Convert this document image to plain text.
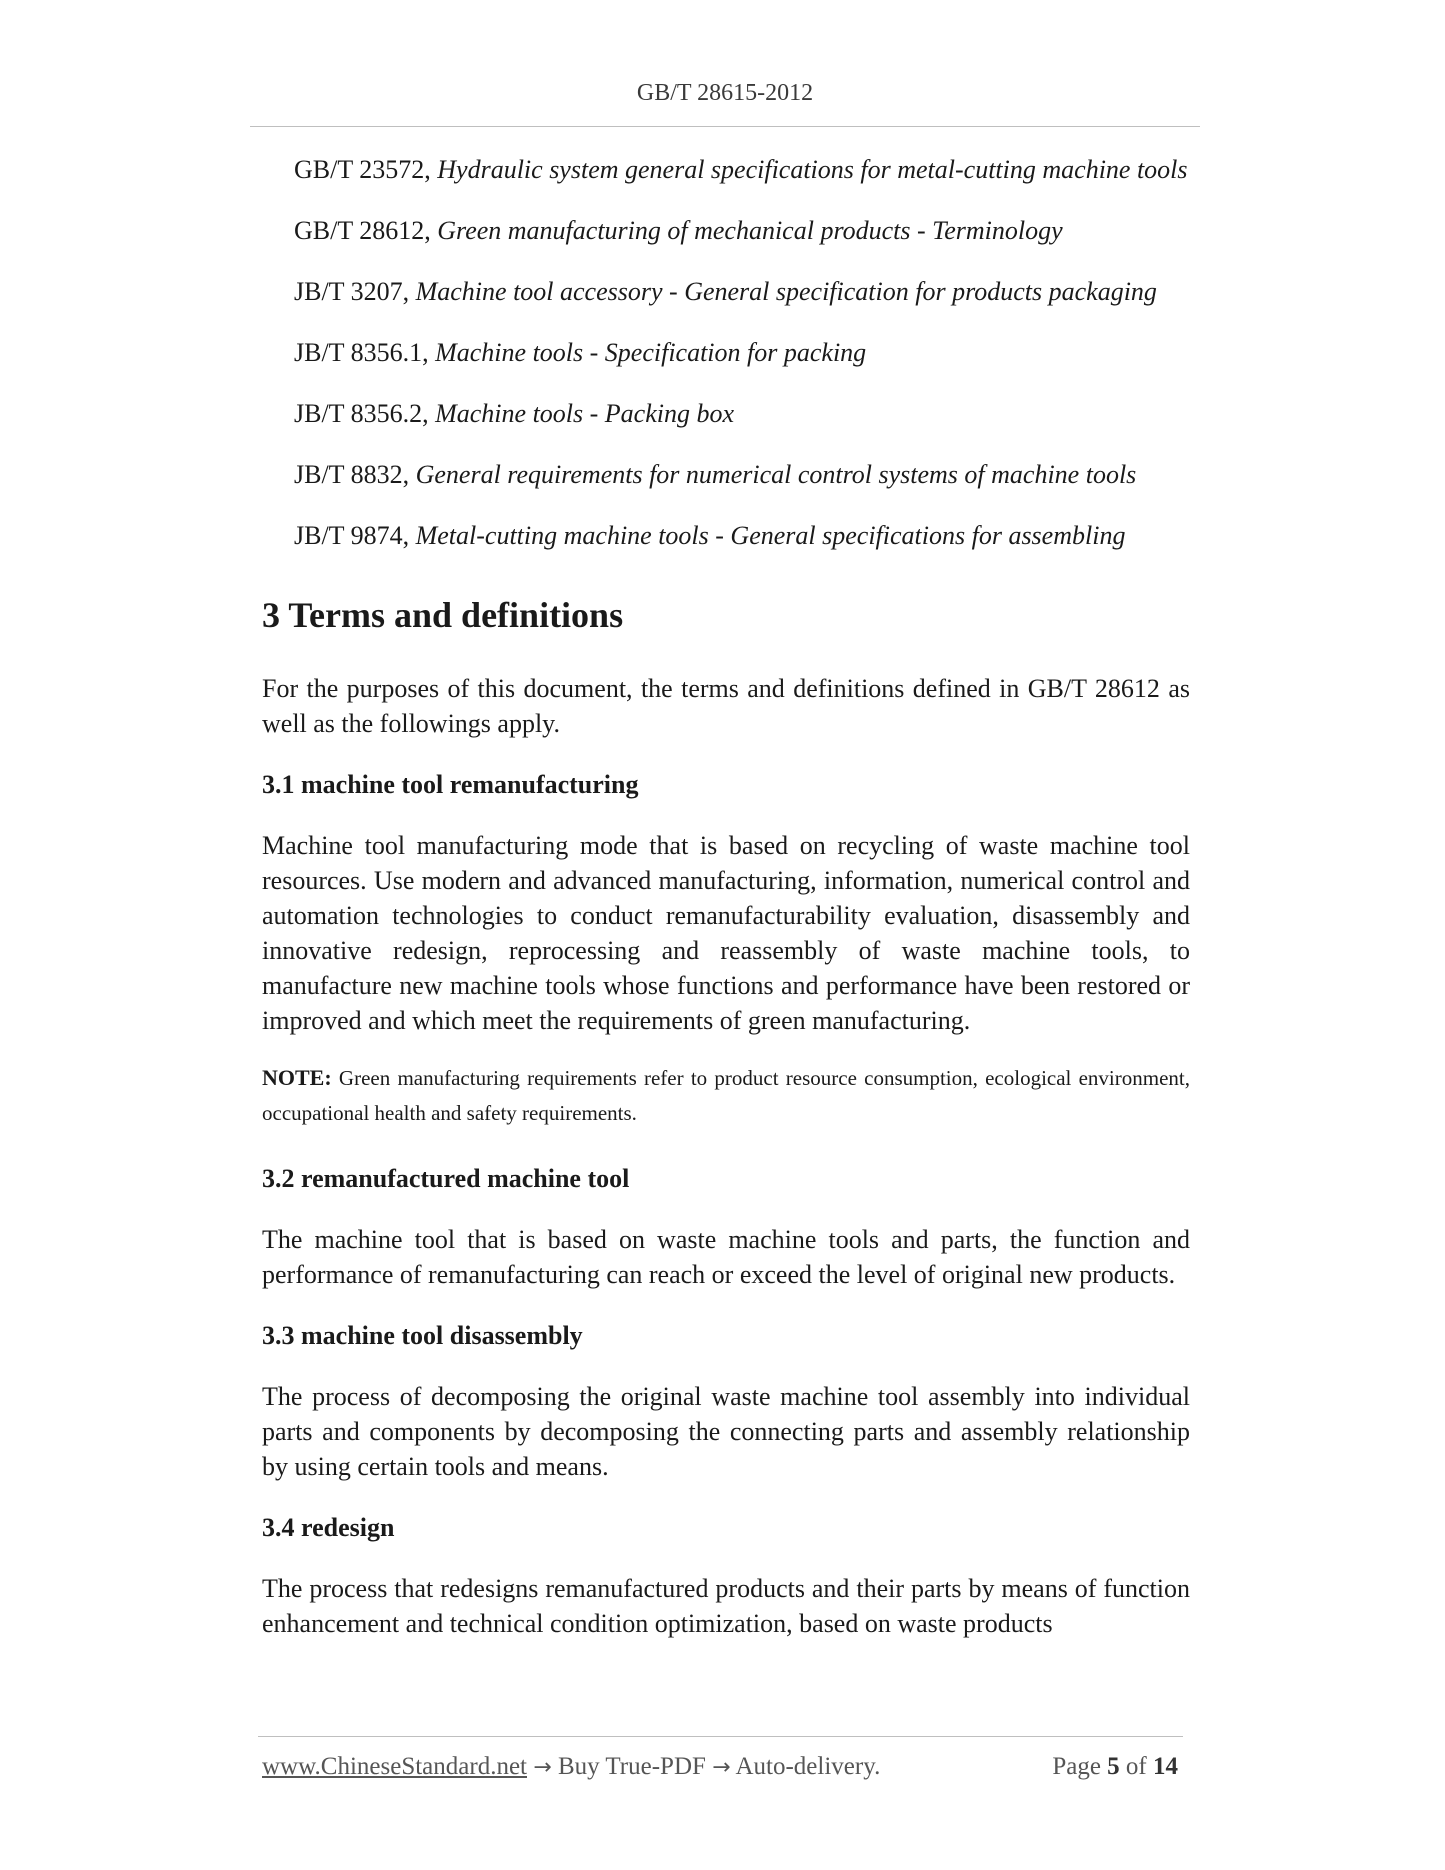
GB/T 28615-2012
GB/T 23572, Hydraulic system general specifications for metal-cutting machine tools
GB/T 28612, Green manufacturing of mechanical products - Terminology
JB/T 3207, Machine tool accessory - General specification for products packaging
JB/T 8356.1, Machine tools - Specification for packing
JB/T 8356.2, Machine tools - Packing box
JB/T 8832, General requirements for numerical control systems of machine tools
JB/T 9874, Metal-cutting machine tools - General specifications for assembling
3 Terms and definitions

For the purposes of this document, the terms and definitions defined in GB/T 28612 as well as the followings apply.

3.1 machine tool remanufacturing

Machine tool manufacturing mode that is based on recycling of waste machine tool resources. Use modern and advanced manufacturing, information, numerical control and automation technologies to conduct remanufacturability evaluation, disassembly and innovative redesign, reprocessing and reassembly of waste machine tools, to manufacture new machine tools whose functions and performance have been restored or improved and which meet the requirements of green manufacturing.

NOTE: Green manufacturing requirements refer to product resource consumption, ecological environment, occupational health and safety requirements.

3.2 remanufactured machine tool

The machine tool that is based on waste machine tools and parts, the function and performance of remanufacturing can reach or exceed the level of original new products.

3.3 machine tool disassembly

The process of decomposing the original waste machine tool assembly into individual parts and components by decomposing the connecting parts and assembly relationship by using certain tools and means.

3.4 redesign

The process that redesigns remanufactured products and their parts by means of function enhancement and technical condition optimization, based on waste products

www.ChineseStandard.net → Buy True-PDF → Auto-delivery.	Page 5 of 14
